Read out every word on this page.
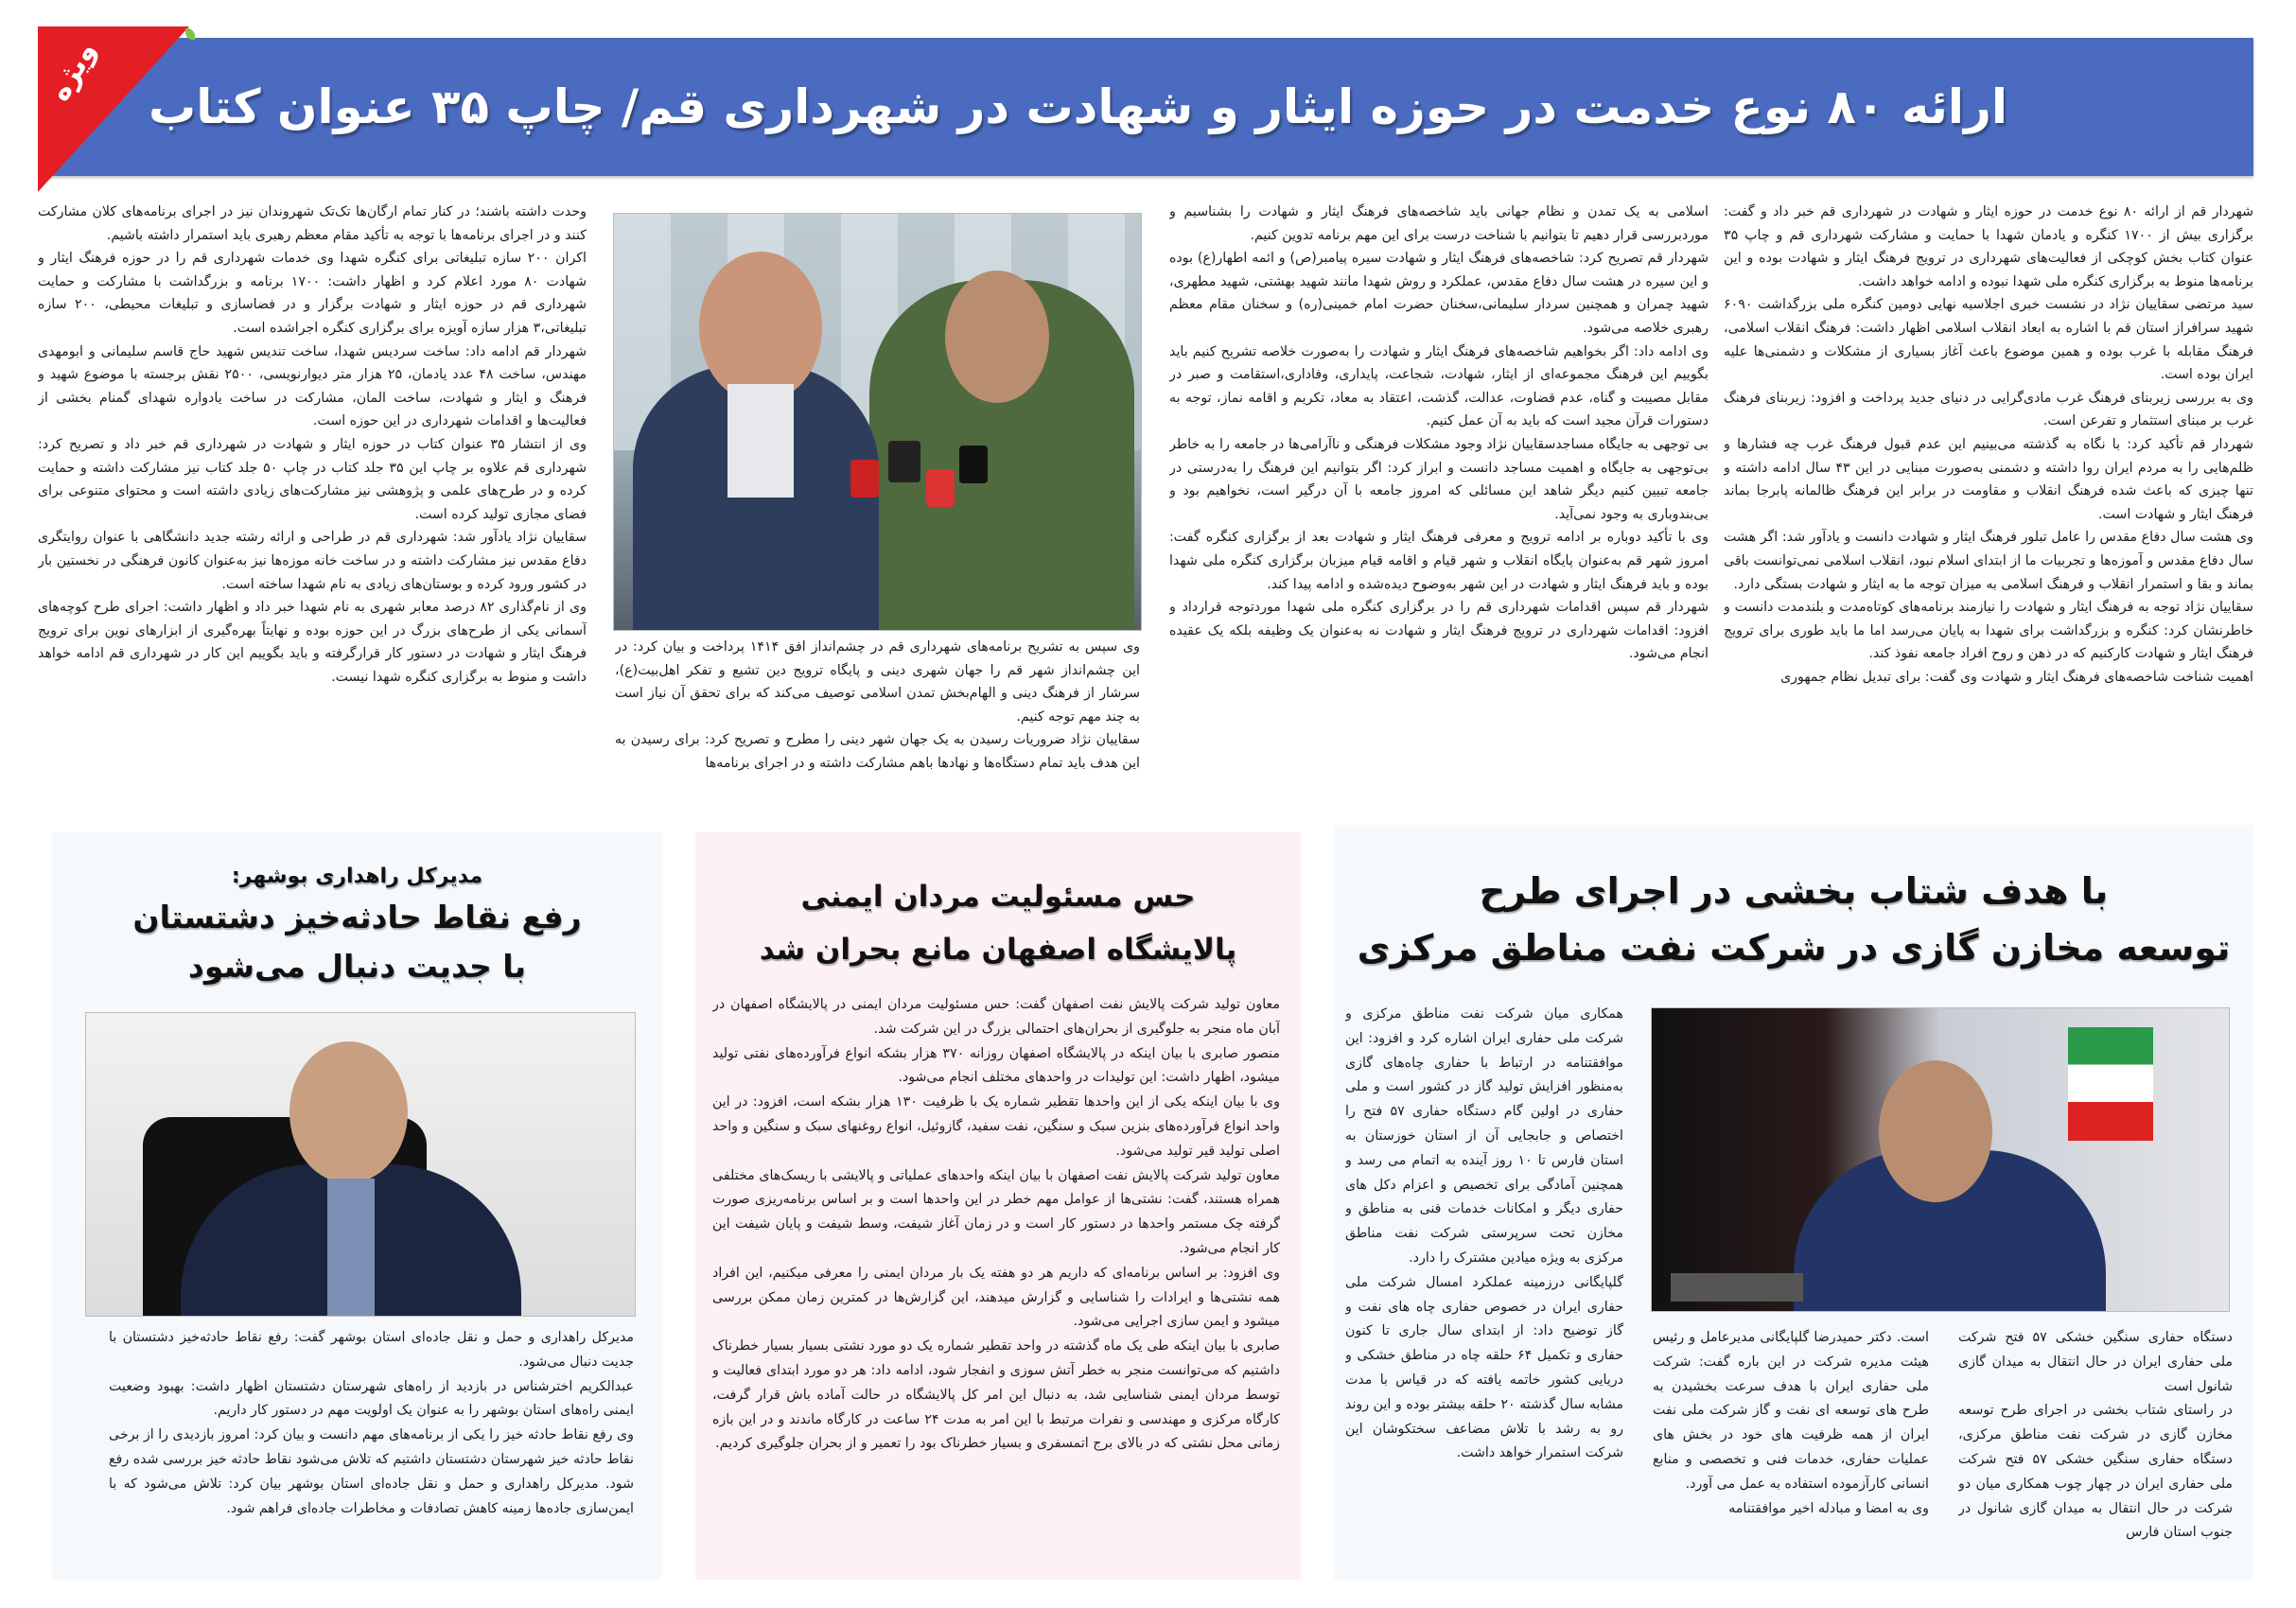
ارائه ۸۰ نوع خدمت در حوزه ایثار و شهادت در شهرداری قم/ چاپ ۳۵ عنوان کتاب
ویژه

شهردار قم از ارائه ۸۰ نوع خدمت در حوزه ایثار و شهادت در شهرداری قم خبر داد و گفت: برگزاری بیش از ۱۷۰۰ کنگره و یادمان شهدا با حمایت و مشارکت شهرداری قم و چاپ ۳۵ عنوان کتاب بخش کوچکی از فعالیت‌های شهرداری در ترویج فرهنگ ایثار و شهادت بوده و این برنامه‌ها منوط به برگزاری کنگره ملی شهدا نبوده و ادامه خواهد داشت.

سید مرتضی سقاییان نژاد در نشست خبری اجلاسیه نهایی دومین کنگره ملی بزرگداشت ۶۰۹۰ شهید سرافراز استان قم با اشاره به ابعاد انقلاب اسلامی اظهار داشت: فرهنگ انقلاب اسلامی، فرهنگ مقابله با غرب بوده و همین موضوع باعث آغاز بسیاری از مشکلات و دشمنی‌ها علیه ایران بوده است.

وی به بررسی زیربنای فرهنگ غرب مادی‌گرایی در دنیای جدید پرداخت و افزود: زیربنای فرهنگ غرب بر مبنای استثمار و تفرعن است.

شهردار قم تأکید کرد: با نگاه به گذشته می‌بینیم این عدم قبول فرهنگ غرب چه فشارها و ظلم‌هایی را به مردم ایران روا داشته و دشمنی به‌صورت مبنایی در این ۴۳ سال ادامه داشته و تنها چیزی که باعث شده فرهنگ انقلاب و مقاومت در برابر این فرهنگ ظالمانه پابرجا بماند فرهنگ ایثار و شهادت است.

وی هشت سال دفاع مقدس را عامل تبلور فرهنگ ایثار و شهادت دانست و یادآور شد: اگر هشت سال دفاع مقدس و آموزه‌ها و تجربیات ما از ابتدای اسلام نبود، انقلاب اسلامی نمی‌توانست باقی بماند و بقا و استمرار انقلاب و فرهنگ اسلامی به میزان توجه ما به ایثار و شهادت بستگی دارد.

سقاییان نژاد توجه به فرهنگ ایثار و شهادت را نیازمند برنامه‌های کوتاه‌مدت و بلندمدت دانست و خاطرنشان کرد: کنگره و بزرگداشت برای شهدا به پایان می‌رسد اما ما باید طوری برای ترویج فرهنگ ایثار و شهادت کارکنیم که در ذهن و روح افراد جامعه نفوذ کند.

اهمیت شناخت شاخصه‌های فرهنگ ایثار و شهادت وی گفت: برای تبدیل نظام جمهوری

اسلامی به یک تمدن و نظام جهانی باید شاخصه‌های فرهنگ ایثار و شهادت را بشناسیم و موردبررسی قرار دهیم تا بتوانیم با شناخت درست برای این مهم برنامه تدوین کنیم.

شهردار قم تصریح کرد: شاخصه‌های فرهنگ ایثار و شهادت سیره پیامبر(ص) و ائمه اطهار(ع) بوده و این سیره در هشت سال دفاع مقدس، عملکرد و روش شهدا مانند شهید بهشتی، شهید مطهری، شهید چمران و همچنین سردار سلیمانی،سخنان حضرت امام خمینی(ره) و سخنان مقام معظم رهبری خلاصه می‌شود.

وی ادامه داد: اگر بخواهیم شاخصه‌های فرهنگ ایثار و شهادت را به‌صورت خلاصه تشریح کنیم باید بگوییم این فرهنگ مجموعه‌ای از ایثار، شهادت، شجاعت، پایداری، وفاداری،استقامت و صبر در مقابل مصیبت و گناه، عدم قضاوت، عدالت، گذشت، اعتقاد به معاد، تکریم و اقامه نماز، توجه به دستورات قرآن مجید است که باید به آن عمل کنیم.

بی توجهی به جایگاه مساجدسقاییان نژاد وجود مشکلات فرهنگی و ناآرامی‌ها در جامعه را به خاطر بی‌توجهی به جایگاه و اهمیت مساجد دانست و ابراز کرد: اگر بتوانیم این فرهنگ را به‌درستی در جامعه تبیین کنیم دیگر شاهد این مسائلی که امروز جامعه با آن درگیر است، نخواهیم بود و بی‌بندوباری به وجود نمی‌آید.

وی با تأکید دوباره بر ادامه ترویج و معرفی فرهنگ ایثار و شهادت بعد از برگزاری کنگره گفت: امروز شهر قم به‌عنوان پایگاه انقلاب و شهر قیام و اقامه قیام میزبان برگزاری کنگره ملی شهدا بوده و باید فرهنگ ایثار و شهادت در این شهر به‌وضوح دیده‌شده و ادامه پیدا کند.

شهردار قم سپس اقدامات شهرداری قم را در برگزاری کنگره ملی شهدا موردتوجه قرارداد و افزود: اقدامات شهرداری در ترویج فرهنگ ایثار و شهادت نه به‌عنوان یک وظیفه بلکه یک عقیده انجام می‌شود.

وی سپس به تشریح برنامه‌های شهرداری قم در چشم‌انداز افق ۱۴۱۴ پرداخت و بیان کرد: در این چشم‌انداز شهر قم را جهان شهری دینی و پایگاه ترویج دین تشیع و تفکر اهل‌بیت(ع)، سرشار از فرهنگ دینی و الهام‌بخش تمدن اسلامی توصیف می‌کند که برای تحقق آن نیاز است به چند مهم توجه کنیم.

سقاییان نژاد ضروریات رسیدن به یک جهان شهر دینی را مطرح و تصریح کرد: برای رسیدن به این هدف باید تمام دستگاه‌ها و نهادها باهم مشارکت داشته و در اجرای برنامه‌ها

وحدت داشته باشند؛ در کنار تمام ارگان‌ها تک‌تک شهروندان نیز در اجرای برنامه‌های کلان مشارکت کنند و در اجرای برنامه‌ها با توجه به تأکید مقام معظم رهبری باید استمرار داشته باشیم.

اکران ۲۰۰ سازه تبلیغاتی برای کنگره شهدا وی خدمات شهرداری قم را در حوزه فرهنگ ایثار و شهادت ۸۰ مورد اعلام کرد و اظهار داشت: ۱۷۰۰ برنامه و بزرگداشت با مشارکت و حمایت شهرداری قم در حوزه ایثار و شهادت برگزار و در فضاسازی و تبلیغات محیطی، ۲۰۰ سازه تبلیغاتی،۳ هزار سازه آویزه برای برگزاری کنگره اجراشده است.

شهردار قم ادامه داد: ساخت سردیس شهدا، ساخت تندیس شهید حاج قاسم سلیمانی و ابومهدی مهندس، ساخت ۴۸ عدد یادمان، ۲۵ هزار متر دیوارنویسی، ۲۵۰۰ نقش برجسته با موضوع شهید و فرهنگ و ایثار و شهادت، ساخت المان، مشارکت در ساخت یادواره شهدای گمنام بخشی از فعالیت‌ها و اقدامات شهرداری در این حوزه است.

وی از انتشار ۳۵ عنوان کتاب در حوزه ایثار و شهادت در شهرداری قم خبر داد و تصریح کرد: شهرداری قم علاوه بر چاپ این ۳۵ جلد کتاب در چاپ ۵۰ جلد کتاب نیز مشارکت داشته و حمایت کرده و در طرح‌های علمی و پژوهشی نیز مشارکت‌های زیادی داشته است و محتوای متنوعی برای فضای مجازی تولید کرده است.

سقاییان نژاد یادآور شد: شهرداری قم در طراحی و ارائه رشته جدید دانشگاهی با عنوان روایتگری دفاع مقدس نیز مشارکت داشته و در ساخت خانه موزه‌ها نیز به‌عنوان کانون فرهنگی در نخستین بار در کشور ورود کرده و بوستان‌های زیادی به نام شهدا ساخته است.

وی از نام‌گذاری ۸۲ درصد معابر شهری به نام شهدا خبر داد و اظهار داشت: اجرای طرح کوچه‌های آسمانی یکی از طرح‌های بزرگ در این حوزه بوده و نهایتاً بهره‌گیری از ابزارهای نوین برای ترویج فرهنگ ایثار و شهادت در دستور کار قرارگرفته و باید بگوییم این کار در شهرداری قم ادامه خواهد داشت و منوط به برگزاری کنگره شهدا نیست.

با هدف شتاب بخشی در اجرای طرح
توسعه مخازن گازی در شرکت نفت مناطق مرکزی

همکاری میان شرکت نفت مناطق مرکزی و شرکت ملی حفاری ایران اشاره کرد و افزود: این موافقتنامه در ارتباط با حفاری چاه‌های گازی به‌منظور افزایش تولید گاز در کشور است و ملی حفاری در اولین گام دستگاه حفاری ۵۷ فتح را اختصاص و جابجایی آن از استان خوزستان به استان فارس تا ۱۰ روز آینده به اتمام می رسد و همچنین آمادگی برای تخصیص و اعزام دکل های حفاری دیگر و امکانات خدمات فنی به مناطق و مخازن تحت سرپرستی شرکت نفت مناطق مرکزی به ویژه میادین مشترک را دارد.

گلپایگانی درزمینه عملکرد امسال شرکت ملی حفاری ایران در خصوص حفاری چاه های نفت و گاز توضیح داد: از ابتدای سال جاری تا کنون حفاری و تکمیل ۶۴ حلقه چاه در مناطق خشکی و دریایی کشور خاتمه یافته که در قیاس با مدت مشابه سال گذشته ۲۰ حلقه بیشتر بوده و این روند رو به رشد با تلاش مضاعف سختکوشان این شرکت استمرار خواهد داشت.

دستگاه حفاری سنگین خشکی ۵۷ فتح شرکت ملی حفاری ایران در حال انتقال به میدان گازی شانول است

در راستای شتاب بخشی در اجرای طرح توسعه مخازن گازی در شرکت نفت مناطق مرکزی، دستگاه حفاری سنگین خشکی ۵۷ فتح شرکت ملی حفاری ایران در چهار چوب همکاری میان دو شرکت در حال انتقال به میدان گازی شانول در جنوب استان فارس

است. دکتر حمیدرضا گلپایگانی مدیرعامل و رئیس هیئت مدیره شرکت در این باره گفت: شرکت ملی حفاری ایران با هدف سرعت بخشیدن به طرح های توسعه ای نفت و گاز شرکت ملی نفت ایران از همه ظرفیت های خود در بخش های عملیات حفاری، خدمات فنی و تخصصی و منابع انسانی کارآزموده استفاده به عمل می آورد.

وی به امضا و مبادله اخیر موافقتنامه

حس مسئولیت مردان ایمنی
پالایشگاه اصفهان مانع بحران شد

معاون تولید شرکت پالایش نفت اصفهان گفت: حس مسئولیت مردان ایمنی در پالایشگاه اصفهان در آبان ماه منجر به جلوگیری از بحران‌های احتمالی بزرگ در این شرکت شد.

منصور صابری با بیان اینکه در پالایشگاه اصفهان روزانه ۳۷۰ هزار بشکه انواع فرآورده‌های نفتی تولید میشود، اظهار داشت: این تولیدات در واحدهای مختلف انجام می‌شود.

وی با بیان اینکه یکی از این واحدها تقطیر شماره یک با ظرفیت ۱۳۰ هزار بشکه است، افزود: در این واحد انواع فرآورده‌های بنزین سبک و سنگین، نفت سفید، گازوئیل، انواع روغنهای سبک و سنگین و واحد اصلی تولید قیر تولید می‌شود.

معاون تولید شرکت پالایش نفت اصفهان با بیان اینکه واحدهای عملیاتی و پالایشی با ریسک‌های مختلفی همراه هستند، گفت: نشتی‌ها از عوامل مهم خطر در این واحدها است و بر اساس برنامه‌ریزی صورت گرفته چک مستمر واحدها در دستور کار است و در زمان آغاز شیفت، وسط شیفت و پایان شیفت این کار انجام می‌شود.

وی افزود: بر اساس برنامه‌ای که داریم هر دو هفته یک بار مردان ایمنی را معرفی میکنیم، این افراد همه نشتی‌ها و ایرادات را شناسایی و گزارش میدهند، این گزارش‌ها در کمترین زمان ممکن بررسی میشود و ایمن سازی اجرایی می‌شود.

صابری با بیان اینکه طی یک ماه گذشته در واحد تقطیر شماره یک دو مورد نشتی بسیار بسیار خطرناک داشتیم که می‌توانست منجر به خطر آتش سوزی و انفجار شود، ادامه داد: هر دو مورد ابتدای فعالیت و توسط مردان ایمنی شناسایی شد، به دنبال این امر کل پالایشگاه در حالت آماده باش قرار گرفت، کارگاه مرکزی و مهندسی و نفرات مرتبط با این امر به مدت ۲۴ ساعت در کارگاه ماندند و در این بازه زمانی محل نشتی که در بالای برج اتمسفری و بسیار خطرناک بود را تعمیر و از بحران جلوگیری کردیم.

مدیرکل راهداری بوشهر:
رفع نقاط حادثه‌خیز دشتستان
با جدیت دنبال می‌شود

مدیرکل راهداری و حمل و نقل جاده‌ای استان بوشهر گفت: رفع نقاط حادثه‌خیز دشتستان با جدیت دنبال می‌شود.

عبدالکریم اخترشناس در بازدید از راه‌های شهرستان دشتستان اظهار داشت: بهبود وضعیت ایمنی راه‌های استان بوشهر را به عنوان یک اولویت مهم در دستور کار داریم.

وی رفع نقاط حادثه خیز را یکی از برنامه‌های مهم دانست و بیان کرد: امروز بازدیدی را از برخی نقاط حادثه خیز شهرستان دشتستان داشتیم که تلاش می‌شود نقاط حادثه خیز بررسی شده رفع شود. مدیرکل راهداری و حمل و نقل جاده‌ای استان بوشهر بیان کرد: تلاش می‌شود که با ایمن‌سازی جاده‌ها زمینه کاهش تصادفات و مخاطرات جاده‌ای فراهم شود.
